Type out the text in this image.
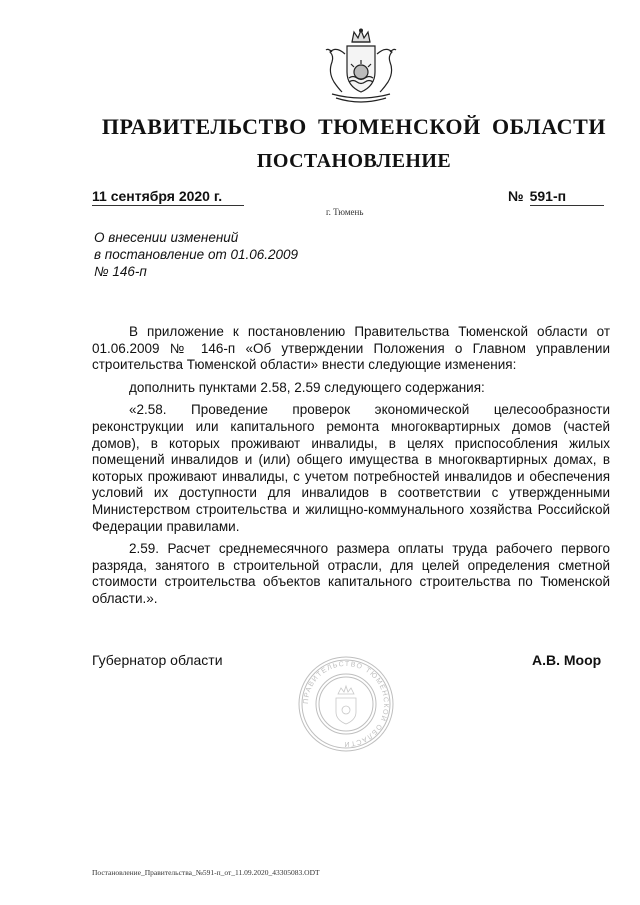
ПРАВИТЕЛЬСТВО ТЮМЕНСКОЙ ОБЛАСТИ
ПОСТАНОВЛЕНИЕ
11 сентября 2020 г.	№ 591-п
г. Тюмень
О внесении изменений
в постановление от 01.06.2009
№ 146-п

В приложение к постановлению Правительства Тюменской области от 01.06.2009 № 146-п «Об утверждении Положения о Главном управлении строительства Тюменской области» внести следующие изменения:

дополнить пунктами 2.58, 2.59 следующего содержания:

«2.58. Проведение проверок экономической целесообразности реконструкции или капитального ремонта многоквартирных домов (частей домов), в которых проживают инвалиды, в целях приспособления жилых помещений инвалидов и (или) общего имущества в многоквартирных домах, в которых проживают инвалиды, с учетом потребностей инвалидов и обеспечения условий их доступности для инвалидов в соответствии с утвержденными Министерством строительства и жилищно-коммунального хозяйства Российской Федерации правилами.

2.59. Расчет среднемесячного размера оплаты труда рабочего первого разряда, занятого в строительной отрасли, для целей определения сметной стоимости строительства объектов капитального строительства по Тюменской области.».

Губернатор области	А.В. Моор
ПРАВИТЕЛЬСТВО ТЮМЕНСКОЙ ОБЛАСТИ
Постановление_Правительства_№591-п_от_11.09.2020_43305083.ODT
